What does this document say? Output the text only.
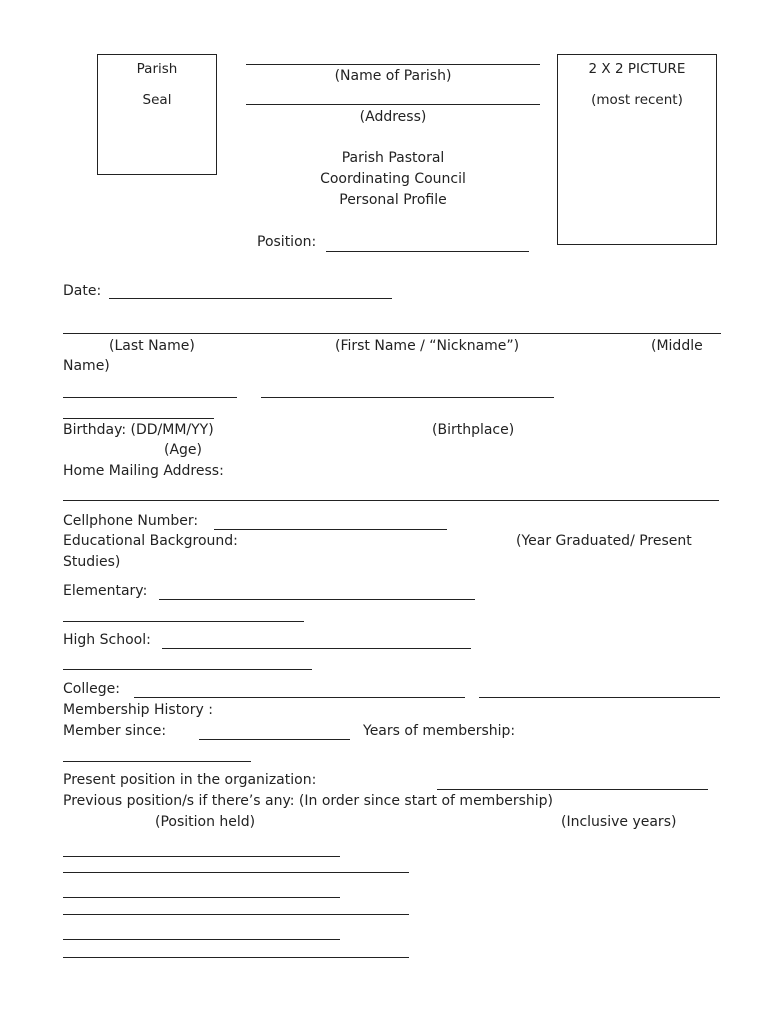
Parish
Seal
(Name of Parish)
(Address)
Parish Pastoral
Coordinating Council
Personal Profile
Position:
2 X 2 PICTURE
(most recent)
Date:
(Last Name)	(First Name / “Nickname”)	(Middle
Name)
Birthday: (DD/MM/YY)	(Birthplace)
(Age)
Home Mailing Address:
Cellphone Number:
Educational Background:	(Year Graduated/ Present
Studies)
Elementary:
High School:
College:
Membership History :
Member since:	Years of membership:
Present position in the organization:
Previous position/s if there’s any: (In order since start of membership)
(Position held)	(Inclusive years)
